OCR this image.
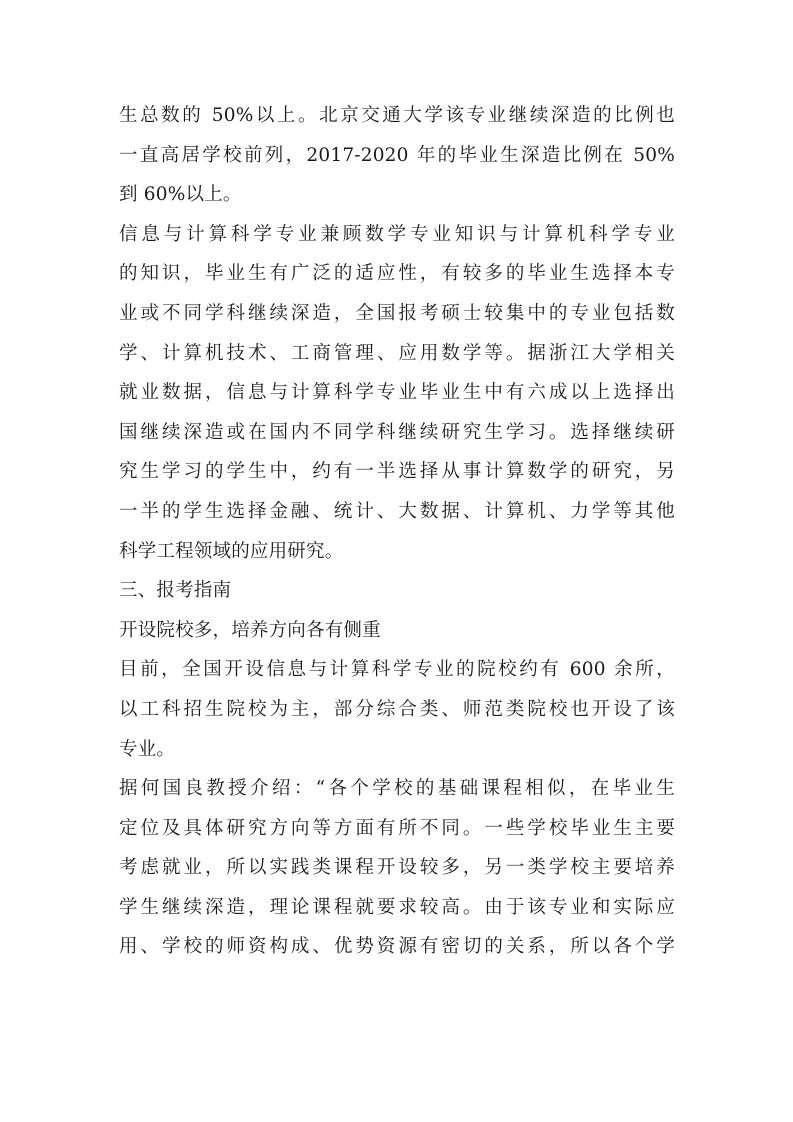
生总数的 50%以上。北京交通大学该专业继续深造的比例也
一直高居学校前列，2017-2020 年的毕业生深造比例在 50%
到 60%以上。
信息与计算科学专业兼顾数学专业知识与计算机科学专业
的知识，毕业生有广泛的适应性，有较多的毕业生选择本专
业或不同学科继续深造，全国报考硕士较集中的专业包括数
学、计算机技术、工商管理、应用数学等。据浙江大学相关
就业数据，信息与计算科学专业毕业生中有六成以上选择出
国继续深造或在国内不同学科继续研究生学习。选择继续研
究生学习的学生中，约有一半选择从事计算数学的研究，另
一半的学生选择金融、统计、大数据、计算机、力学等其他
科学工程领域的应用研究。
三、报考指南
开设院校多，培养方向各有侧重
目前，全国开设信息与计算科学专业的院校约有 600 余所，
以工科招生院校为主，部分综合类、师范类院校也开设了该
专业。
据何国良教授介绍：“各个学校的基础课程相似，在毕业生
定位及具体研究方向等方面有所不同。一些学校毕业生主要
考虑就业，所以实践类课程开设较多，另一类学校主要培养
学生继续深造，理论课程就要求较高。由于该专业和实际应
用、学校的师资构成、优势资源有密切的关系，所以各个学
